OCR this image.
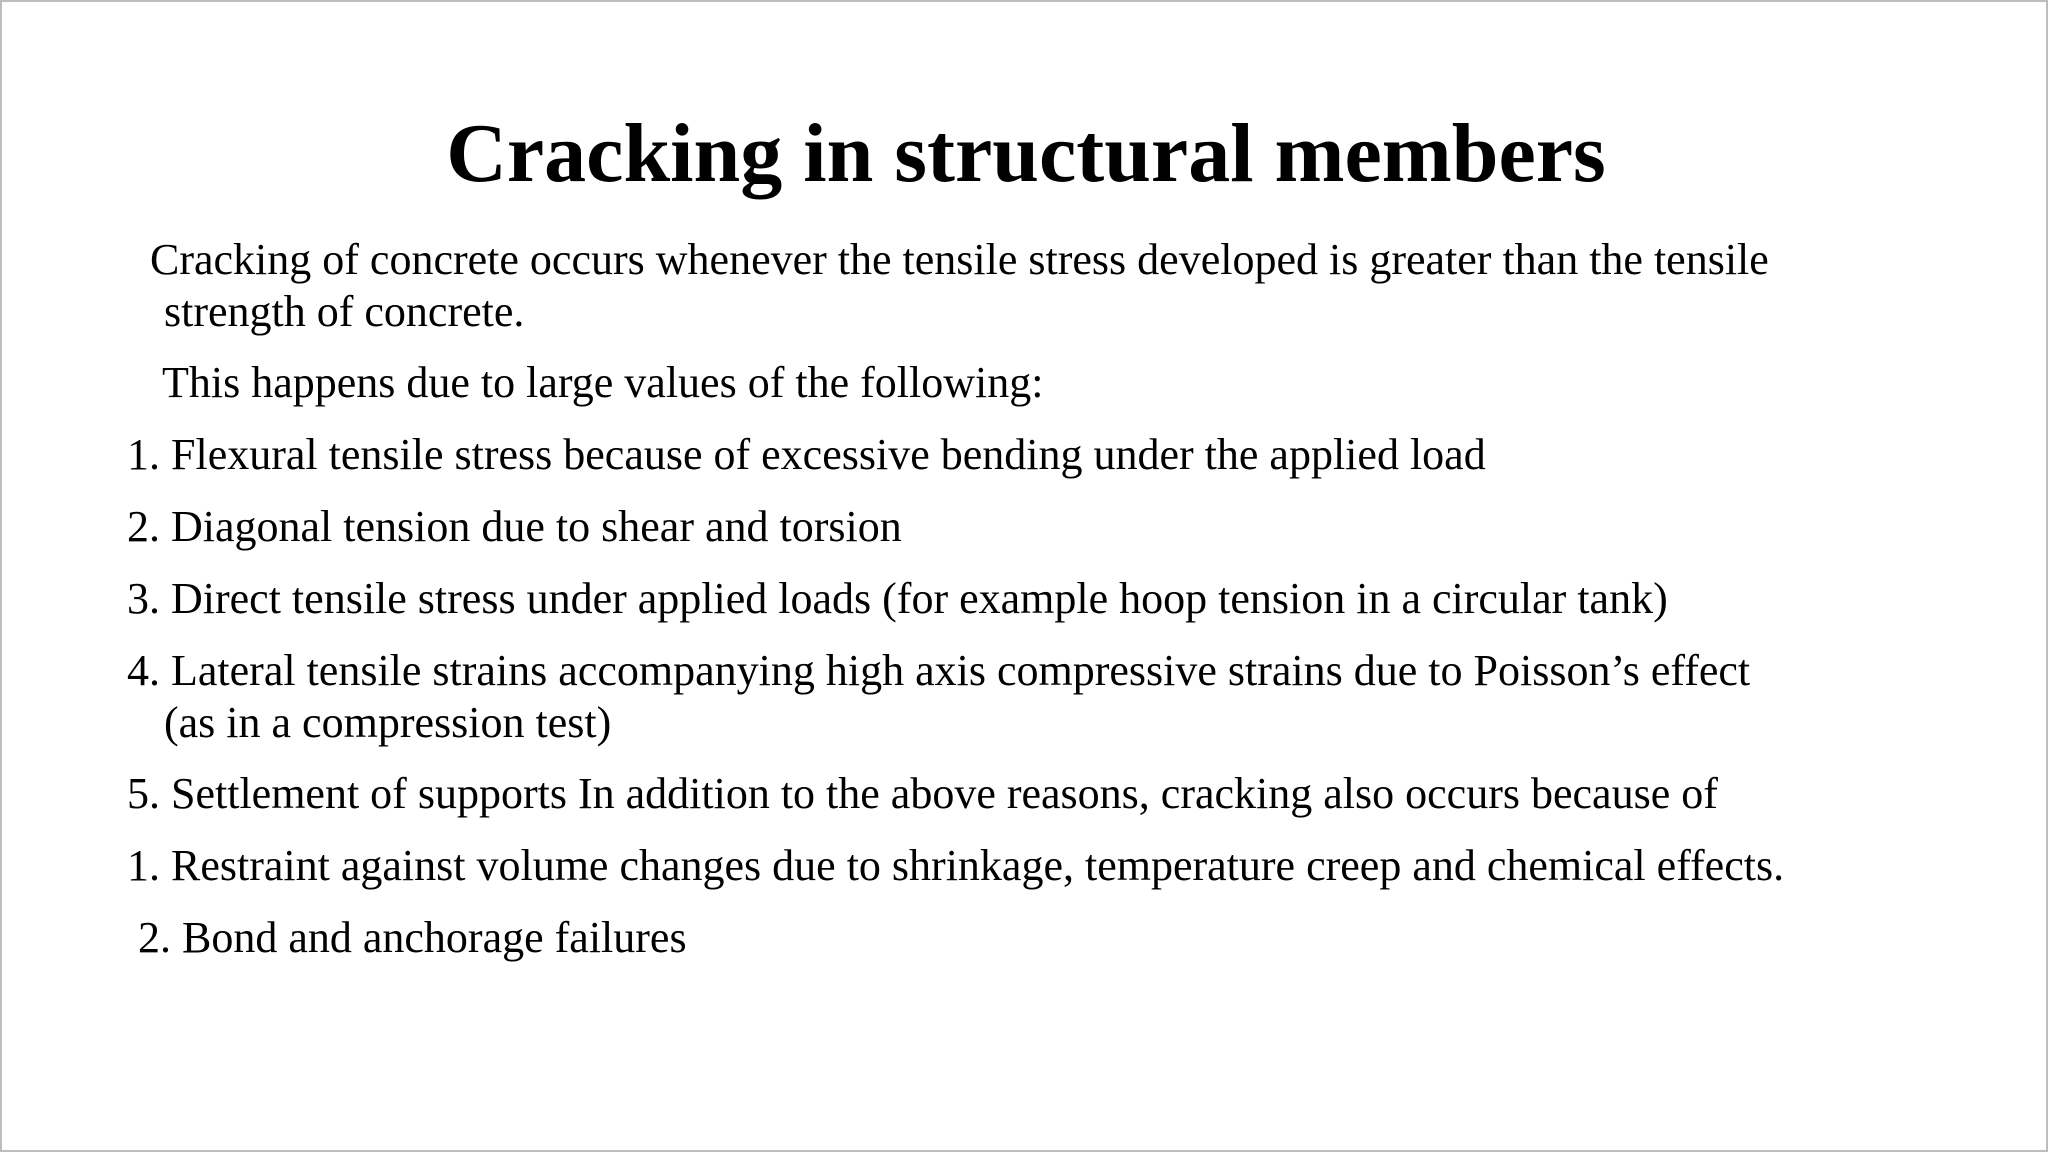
Cracking in structural members
Cracking of concrete occurs whenever the tensile stress developed is greater than the tensile
strength of concrete.
This happens due to large values of the following:
1. Flexural tensile stress because of excessive bending under the applied load
2. Diagonal tension due to shear and torsion
3. Direct tensile stress under applied loads (for example hoop tension in a circular tank)
4. Lateral tensile strains accompanying high axis compressive strains due to Poisson’s effect
(as in a compression test)
5. Settlement of supports In addition to the above reasons, cracking also occurs because of
1. Restraint against volume changes due to shrinkage, temperature creep and chemical effects.
2. Bond and anchorage failures
